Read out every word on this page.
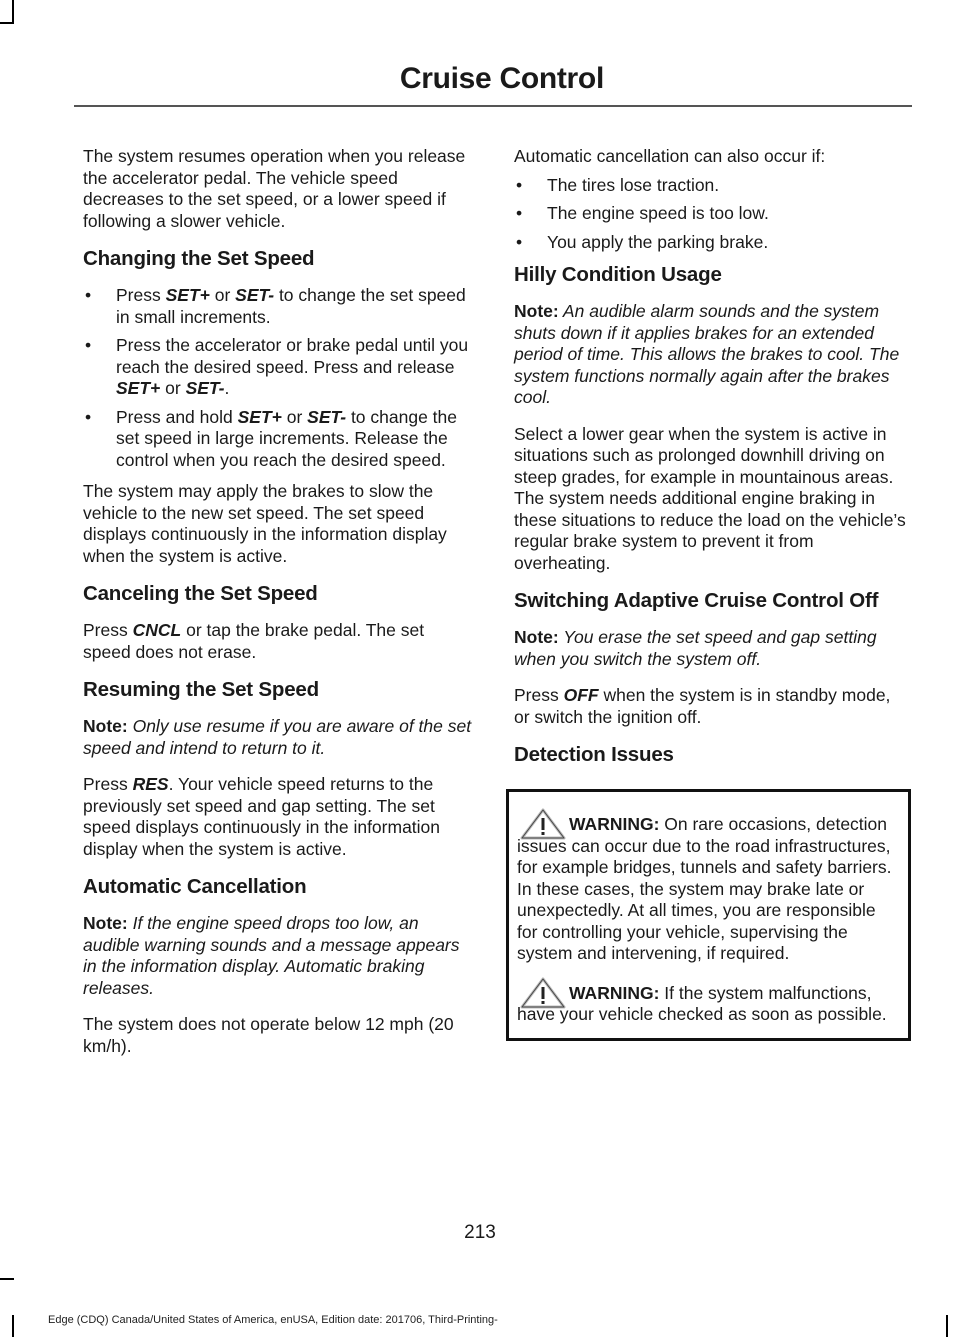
Cruise Control

The system resumes operation when you release the accelerator pedal. The vehicle speed decreases to the set speed, or a lower speed if following a slower vehicle.

Changing the Set Speed
• Press SET+ or SET- to change the set speed in small increments.
• Press the accelerator or brake pedal until you reach the desired speed. Press and release SET+ or SET-.
• Press and hold SET+ or SET- to change the set speed in large increments. Release the control when you reach the desired speed.

The system may apply the brakes to slow the vehicle to the new set speed. The set speed displays continuously in the information display when the system is active.

Canceling the Set Speed

Press CNCL or tap the brake pedal. The set speed does not erase.

Resuming the Set Speed

Note: Only use resume if you are aware of the set speed and intend to return to it.

Press RES. Your vehicle speed returns to the previously set speed and gap setting. The set speed displays continuously in the information display when the system is active.

Automatic Cancellation

Note: If the engine speed drops too low, an audible warning sounds and a message appears in the information display. Automatic braking releases.

The system does not operate below 12 mph (20 km/h).

Automatic cancellation can also occur if:

• The tires lose traction.
• The engine speed is too low.
• You apply the parking brake.
Hilly Condition Usage

Note: An audible alarm sounds and the system shuts down if it applies brakes for an extended period of time. This allows the brakes to cool. The system functions normally again after the brakes cool.

Select a lower gear when the system is active in situations such as prolonged downhill driving on steep grades, for example in mountainous areas. The system needs additional engine braking in these situations to reduce the load on the vehicle’s regular brake system to prevent it from overheating.

Switching Adaptive Cruise Control Off

Note: You erase the set speed and gap setting when you switch the system off.

Press OFF when the system is in standby mode, or switch the ignition off.

Detection Issues

WARNING: On rare occasions, detection issues can occur due to the road infrastructures, for example bridges, tunnels and safety barriers. In these cases, the system may brake late or unexpectedly. At all times, you are responsible for controlling your vehicle, supervising the system and intervening, if required.

WARNING: If the system malfunctions, have your vehicle checked as soon as possible.

213
Edge (CDQ) Canada/United States of America, enUSA, Edition date: 201706, Third-Printing-
